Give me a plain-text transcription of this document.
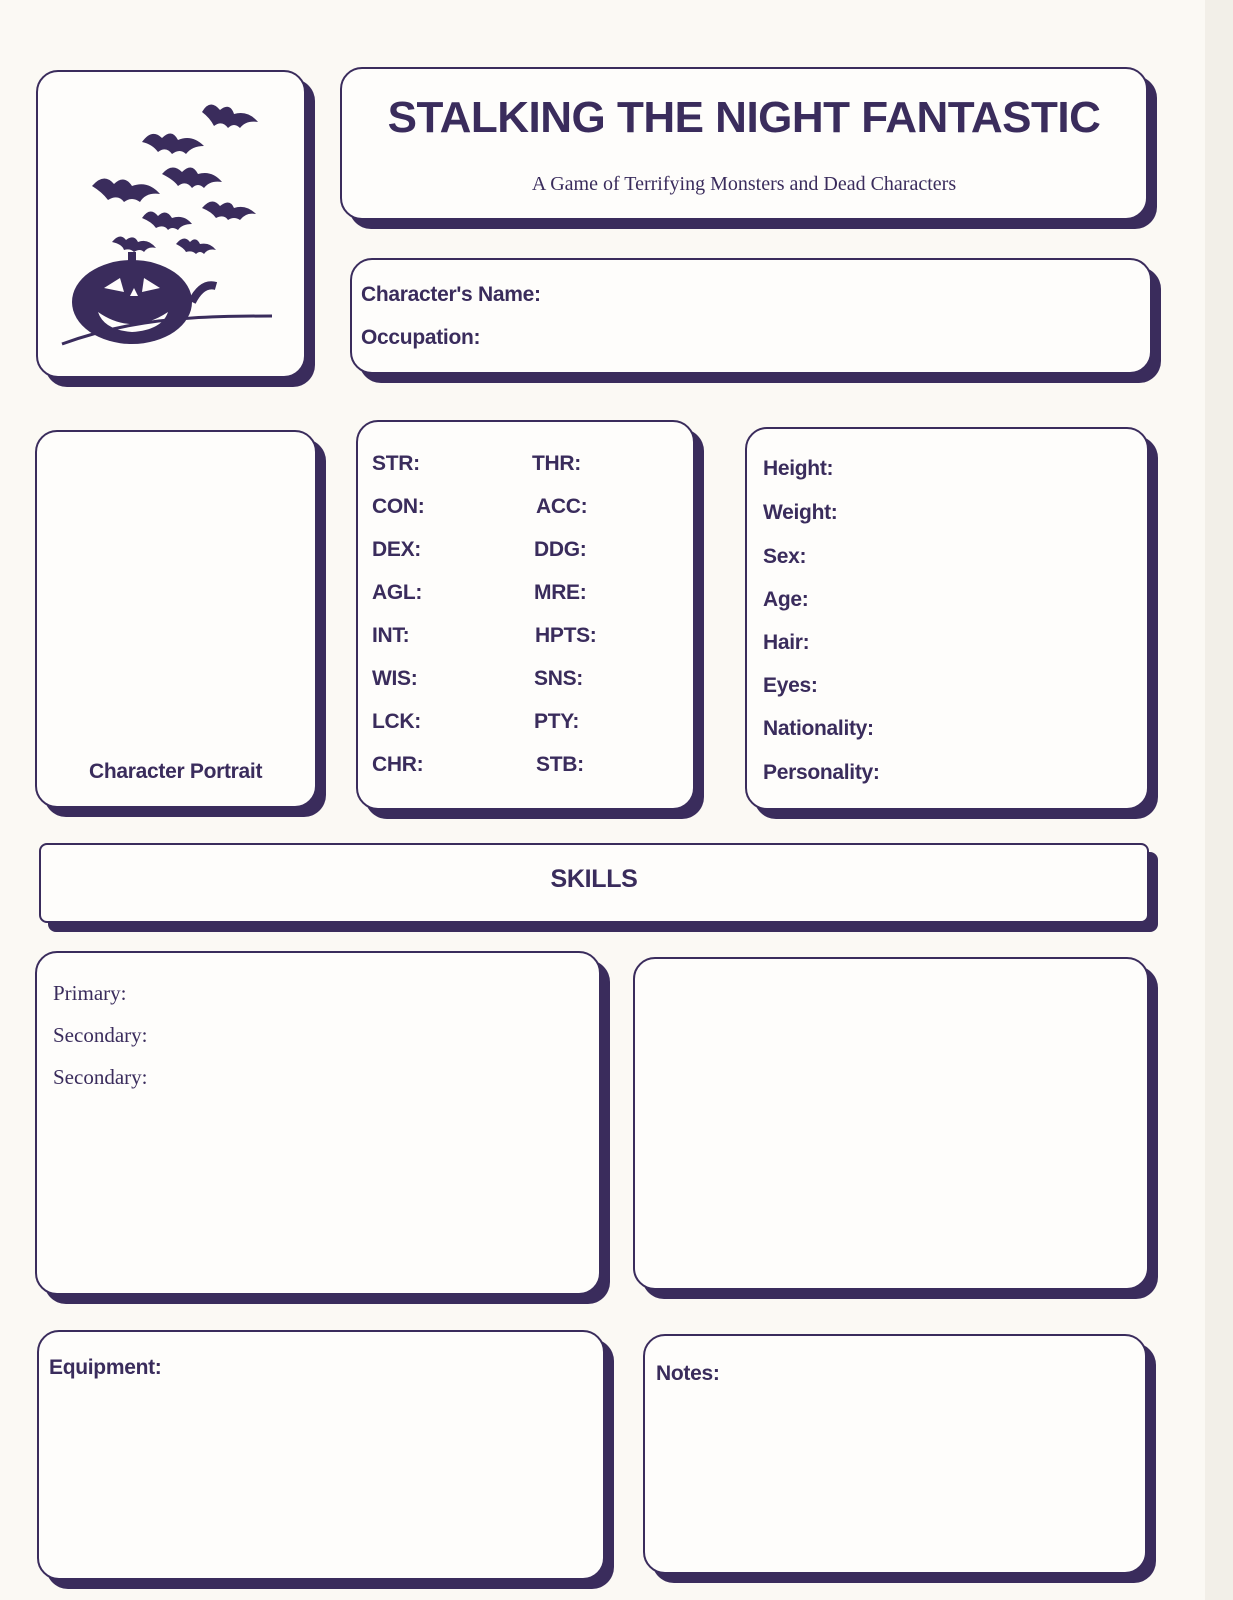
STALKING THE NIGHT FANTASTIC
A Game of Terrifying Monsters and Dead Characters
Character's Name:
Occupation:
Character Portrait
STR:
CON:
DEX:
AGL:
INT:
WIS:
LCK:
CHR:
THR:
ACC:
DDG:
MRE:
HPTS:
SNS:
PTY:
STB:
Height:
Weight:
Sex:
Age:
Hair:
Eyes:
Nationality:
Personality:
SKILLS
Primary:
Secondary:
Secondary:
Equipment:	Notes:
